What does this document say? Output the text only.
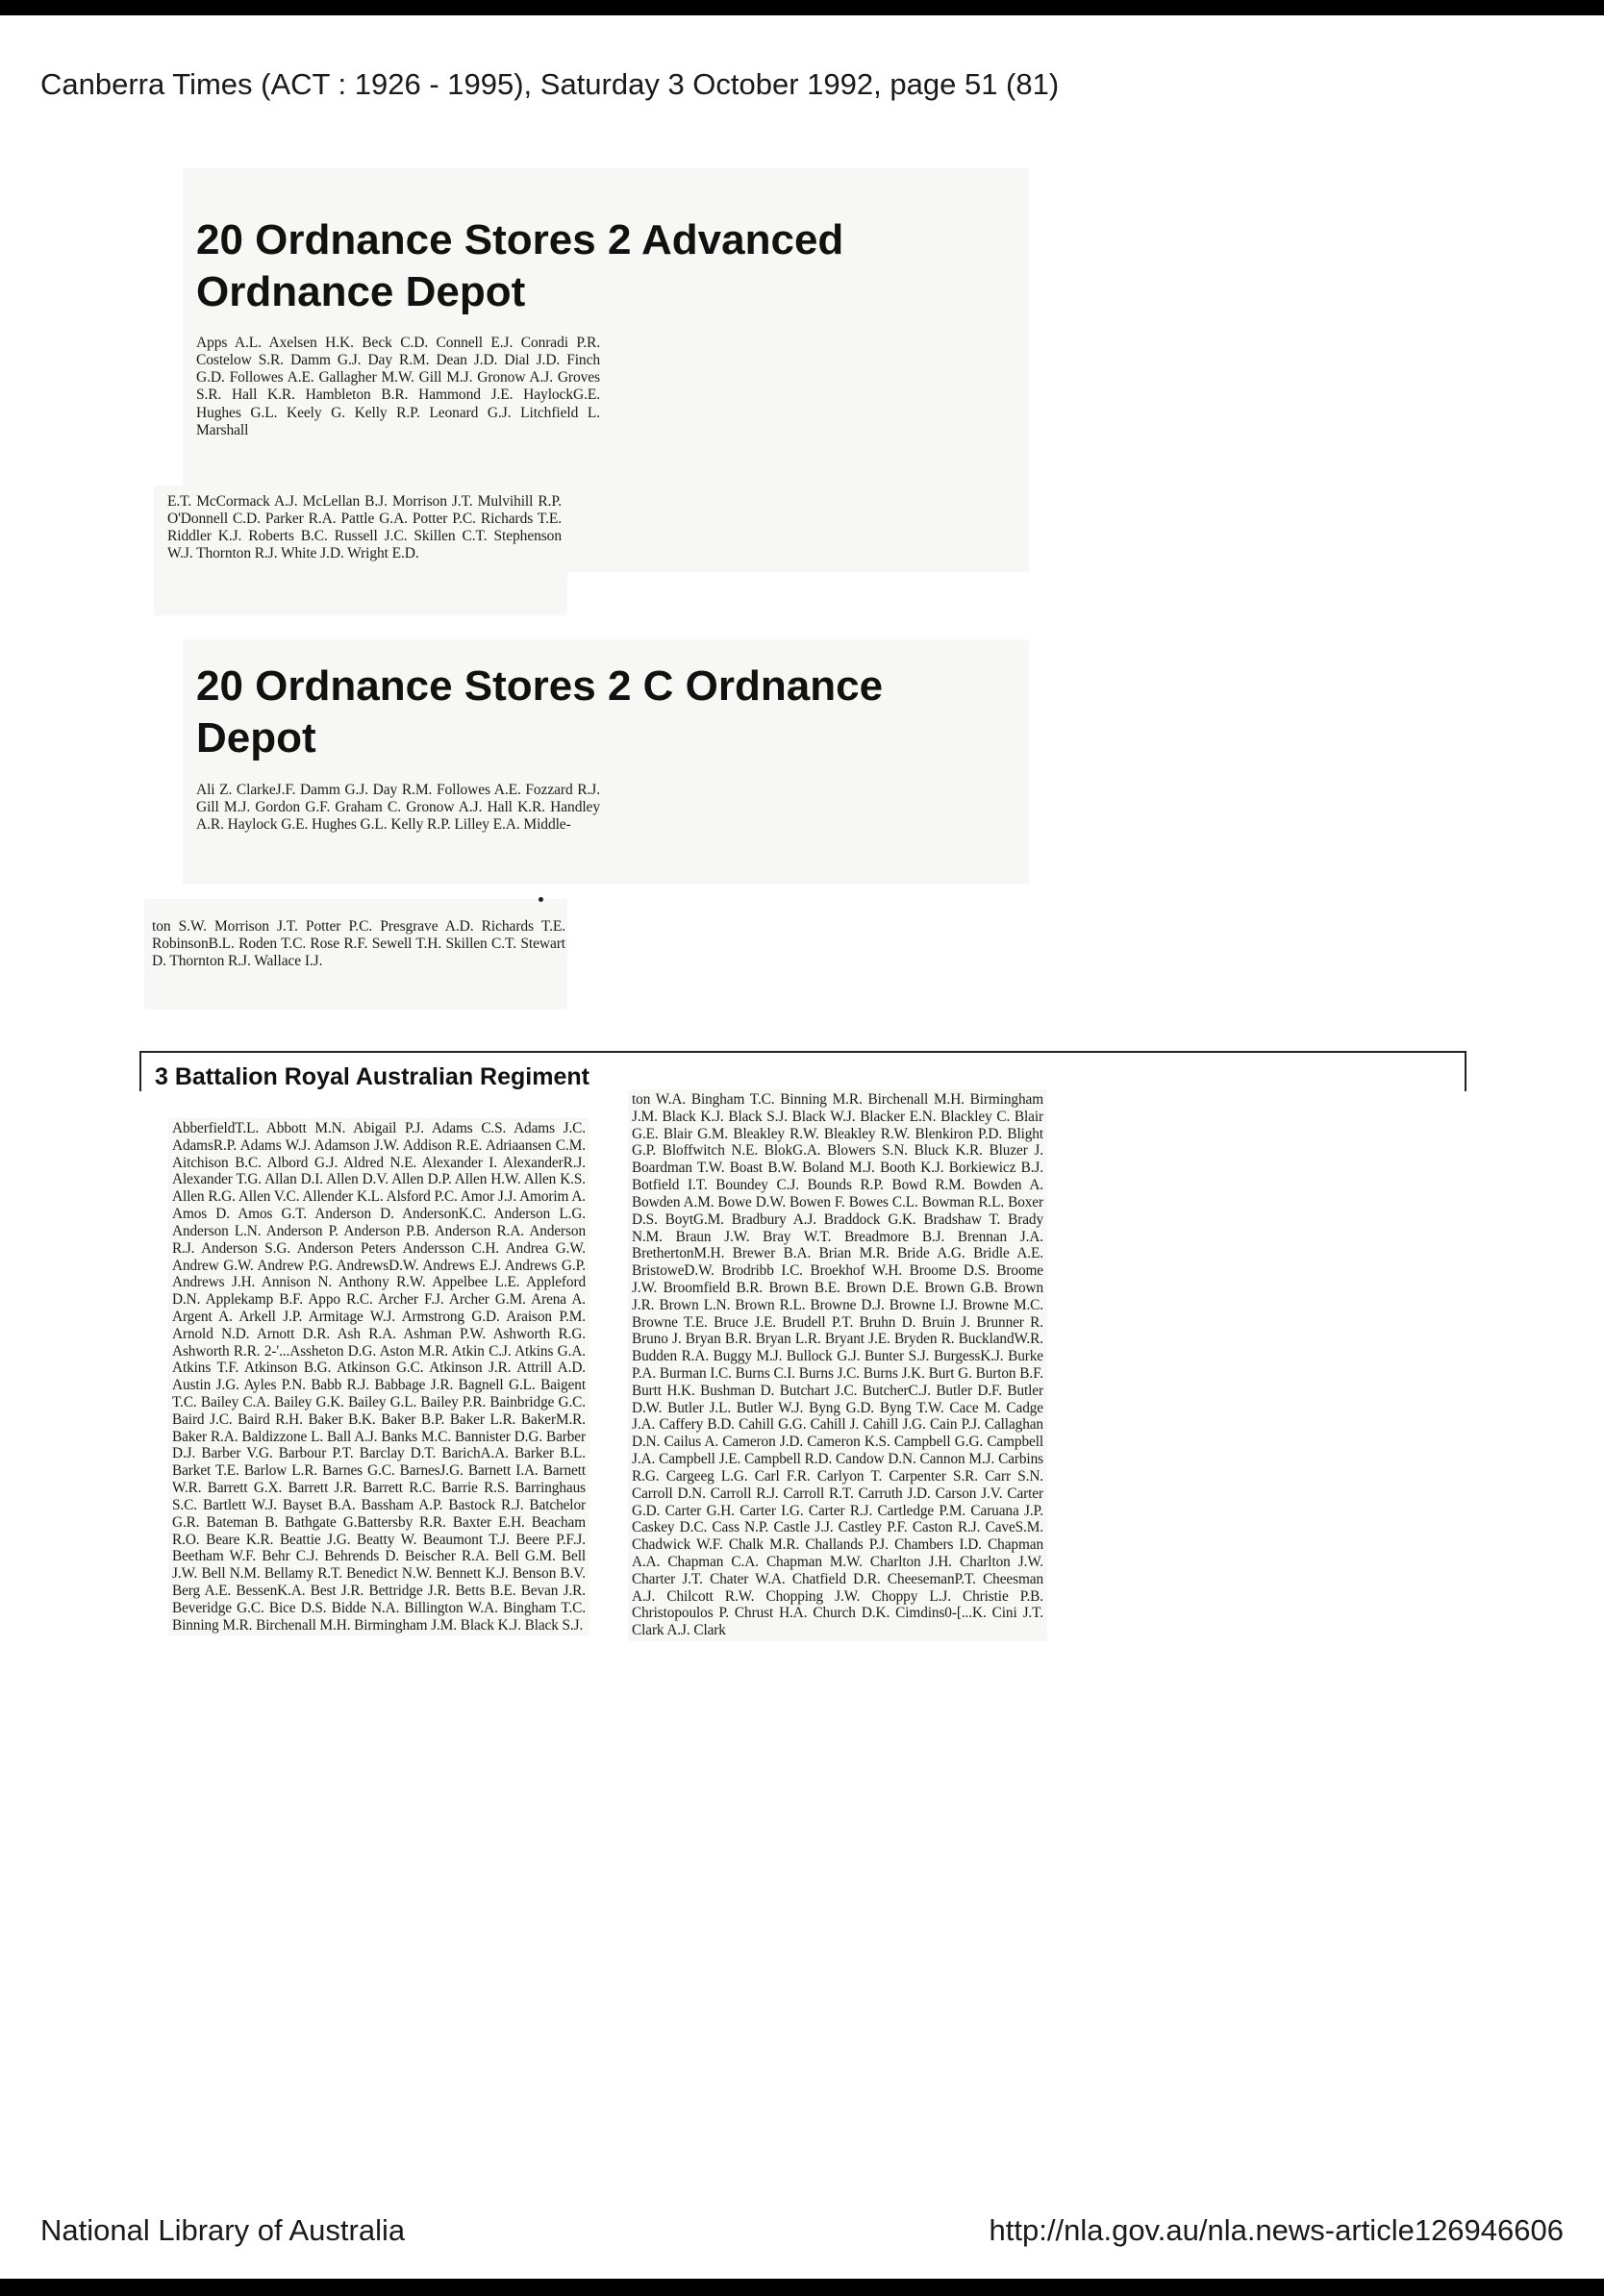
Canberra Times (ACT : 1926 - 1995), Saturday 3 October 1992, page 51 (81)
20 Ordnance Stores 2 Advanced Ordnance Depot
Apps A.L. Axelsen H.K. Beck C.D. Connell E.J. Conradi P.R. Costelow S.R. Damm G.J. Day R.M. Dean J.D. Dial J.D. Finch G.D. Followes A.E. Gallagher M.W. Gill M.J. Gronow A.J. Groves S.R. Hall K.R. Hambleton B.R. Hammond J.E. HaylockG.E. Hughes G.L. Keely G. Kelly R.P. Leonard G.J. Litchfield L. Marshall
E.T. McCormack A.J. McLellan B.J. Morrison J.T. Mulvihill R.P. O'Donnell C.D. Parker R.A. Pattle G.A. Potter P.C. Richards T.E. Riddler K.J. Roberts B.C. Russell J.C. Skillen C.T. Stephenson W.J. Thornton R.J. White J.D. Wright E.D.
20 Ordnance Stores 2 C Ordnance Depot
Ali Z. ClarkeJ.F. Damm G.J. Day R.M. Followes A.E. Fozzard R.J. Gill M.J. Gordon G.F. Graham C. Gronow A.J. Hall K.R. Handley A.R. Haylock G.E. Hughes G.L. Kelly R.P. Lilley E.A. Middle-
ton S.W. Morrison J.T. Potter P.C. Presgrave A.D. Richards T.E. RobinsonB.L. Roden T.C. Rose R.F. Sewell T.H. Skillen C.T. Stewart D. Thornton R.J. Wallace I.J.
3 Battalion Royal Australian Regiment
AbberfieldT.L. Abbott M.N. Abigail P.J. Adams C.S. Adams J.C. AdamsR.P. Adams W.J. Adamson J.W. Addison R.E. Adriaansen C.M. Aitchison B.C. Albord G.J. Aldred N.E. Alexander I. AlexanderR.J. Alexander T.G. Allan D.I. Allen D.V. Allen D.P. Allen H.W. Allen K.S. Allen R.G. Allen V.C. Allender K.L. Alsford P.C. Amor J.J. Amorim A. Amos D. Amos G.T. Anderson D. AndersonK.C. Anderson L.G. Anderson L.N. Anderson P. Anderson P.B. Anderson R.A. Anderson R.J. Anderson S.G. Anderson Peters Andersson C.H. Andrea G.W. Andrew G.W. Andrew P.G. AndrewsD.W. Andrews E.J. Andrews G.P. Andrews J.H. Annison N. Anthony R.W. Appelbee L.E. Appleford D.N. Applekamp B.F. Appo R.C. Archer F.J. Archer G.M. Arena A. Argent A. Arkell J.P. Armitage W.J. Armstrong G.D. Araison P.M. Arnold N.D. Arnott D.R. Ash R.A. Ashman P.W. Ashworth R.G. Ashworth R.R. 2-'...Assheton D.G. Aston M.R. Atkin C.J. Atkins G.A. Atkins T.F. Atkinson B.G. Atkinson G.C. Atkinson J.R. Attrill A.D. Austin J.G. Ayles P.N. Babb R.J. Babbage J.R. Bagnell G.L. Baigent T.C. Bailey C.A. Bailey G.K. Bailey G.L. Bailey P.R. Bainbridge G.C. Baird J.C. Baird R.H. Baker B.K. Baker B.P. Baker L.R. BakerM.R. Baker R.A. Baldizzone L. Ball A.J. Banks M.C. Bannister D.G. Barber D.J. Barber V.G. Barbour P.T. Barclay D.T. BarichA.A. Barker B.L. Barket T.E. Barlow L.R. Barnes G.C. BarnesJ.G. Barnett I.A. Barnett W.R. Barrett G.X. Barrett J.R. Barrett R.C. Barrie R.S. Barringhaus S.C. Bartlett W.J. Bayset B.A. Bassham A.P. Bastock R.J. Batchelor G.R. Bateman B. Bathgate G.Battersby R.R. Baxter E.H. Beacham R.O. Beare K.R. Beattie J.G. Beatty W. Beaumont T.J. Beere P.F.J. Beetham W.F. Behr C.J. Behrends D. Beischer R.A. Bell G.M. Bell J.W. Bell N.M. Bellamy R.T. Benedict N.W. Bennett K.J. Benson B.V. Berg A.E. BessenK.A. Best J.R. Bettridge J.R. Betts B.E. Bevan J.R. Beveridge G.C. Bice D.S. Bidde N.A. Billington W.A. Bingham T.C. Binning M.R. Birchenall M.H. Birmingham J.M. Black K.J. Black S.J.
ton W.A. Bingham T.C. Binning M.R. Birchenall M.H. Birmingham J.M. Black K.J. Black S.J. Black W.J. Blacker E.N. Blackley C. Blair G.E. Blair G.M. Bleakley R.W. Bleakley R.W. Blenkiron P.D. Blight G.P. Bloffwitch N.E. BlokG.A. Blowers S.N. Bluck K.R. Bluzer J. Boardman T.W. Boast B.W. Boland M.J. Booth K.J. Borkiewicz B.J. Botfield I.T. Boundey C.J. Bounds R.P. Bowd R.M. Bowden A. Bowden A.M. Bowe D.W. Bowen F. Bowes C.L. Bowman R.L. Boxer D.S. BoytG.M. Bradbury A.J. Braddock G.K. Bradshaw T. Brady N.M. Braun J.W. Bray W.T. Breadmore B.J. Brennan J.A. BrethertonM.H. Brewer B.A. Brian M.R. Bride A.G. Bridle A.E. BristoweD.W. Brodribb I.C. Broekhof W.H. Broome D.S. Broome J.W. Broomfield B.R. Brown B.E. Brown D.E. Brown G.B. Brown J.R. Brown L.N. Brown R.L. Browne D.J. Browne I.J. Browne M.C. Browne T.E. Bruce J.E. Brudell P.T. Bruhn D. Bruin J. Brunner R. Bruno J. Bryan B.R. Bryan L.R. Bryant J.E. Bryden R. BucklandW.R. Budden R.A. Buggy M.J. Bullock G.J. Bunter S.J. BurgessK.J. Burke P.A. Burman I.C. Burns C.I. Burns J.C. Burns J.K. Burt G. Burton B.F. Burtt H.K. Bushman D. Butchart J.C. ButcherC.J. Butler D.F. Butler D.W. Butler J.L. Butler W.J. Byng G.D. Byng T.W. Cace M. Cadge J.A. Caffery B.D. Cahill G.G. Cahill J. Cahill J.G. Cain P.J. Callaghan D.N. Cailus A. Cameron J.D. Cameron K.S. Campbell G.G. Campbell J.A. Campbell J.E. Campbell R.D. Candow D.N. Cannon M.J. Carbins R.G. Cargeeg L.G. Carl F.R. Carlyon T. Carpenter S.R. Carr S.N. Carroll D.N. Carroll R.J. Carroll R.T. Carruth J.D. Carson J.V. Carter G.D. Carter G.H. Carter I.G. Carter R.J. Cartledge P.M. Caruana J.P. Caskey D.C. Cass N.P. Castle J.J. Castley P.F. Caston R.J. CaveS.M. Chadwick W.F. Chalk M.R. Challands P.J. Chambers I.D. Chapman A.A. Chapman C.A. Chapman M.W. Charlton J.H. Charlton J.W. Charter J.T. Chater W.A. Chatfield D.R. CheesemanP.T. Cheesman A.J. Chilcott R.W. Chopping J.W. Choppy L.J. Christie P.B. Christopoulos P. Chrust H.A. Church D.K. Cimdins0-[...K. Cini J.T. Clark A.J. Clark
National Library of Australia	http://nla.gov.au/nla.news-article126946606
